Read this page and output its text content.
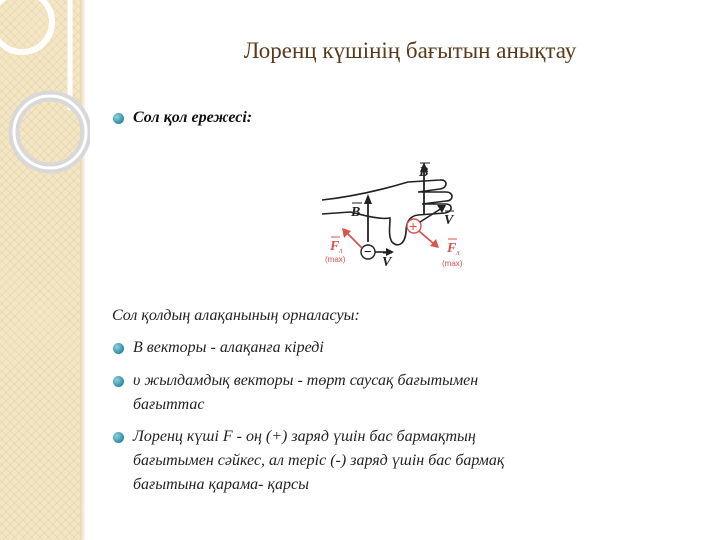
Лоренц күшінің бағытын анықтау
Сол қол ережесі:
−
+
B
B
V
V
F л
(max)
F л
(max)
Сол қолдың алақанының орналасуы:
В векторы - алақанға кіреді
υ жылдамдық векторы - төрт саусақ бағытымен
бағыттас
Лоренц күші F - оң (+) заряд үшін бас бармақтың
бағытымен сәйкес, ал теріс (-) заряд үшін бас бармақ
бағытына қарама- қарсы
